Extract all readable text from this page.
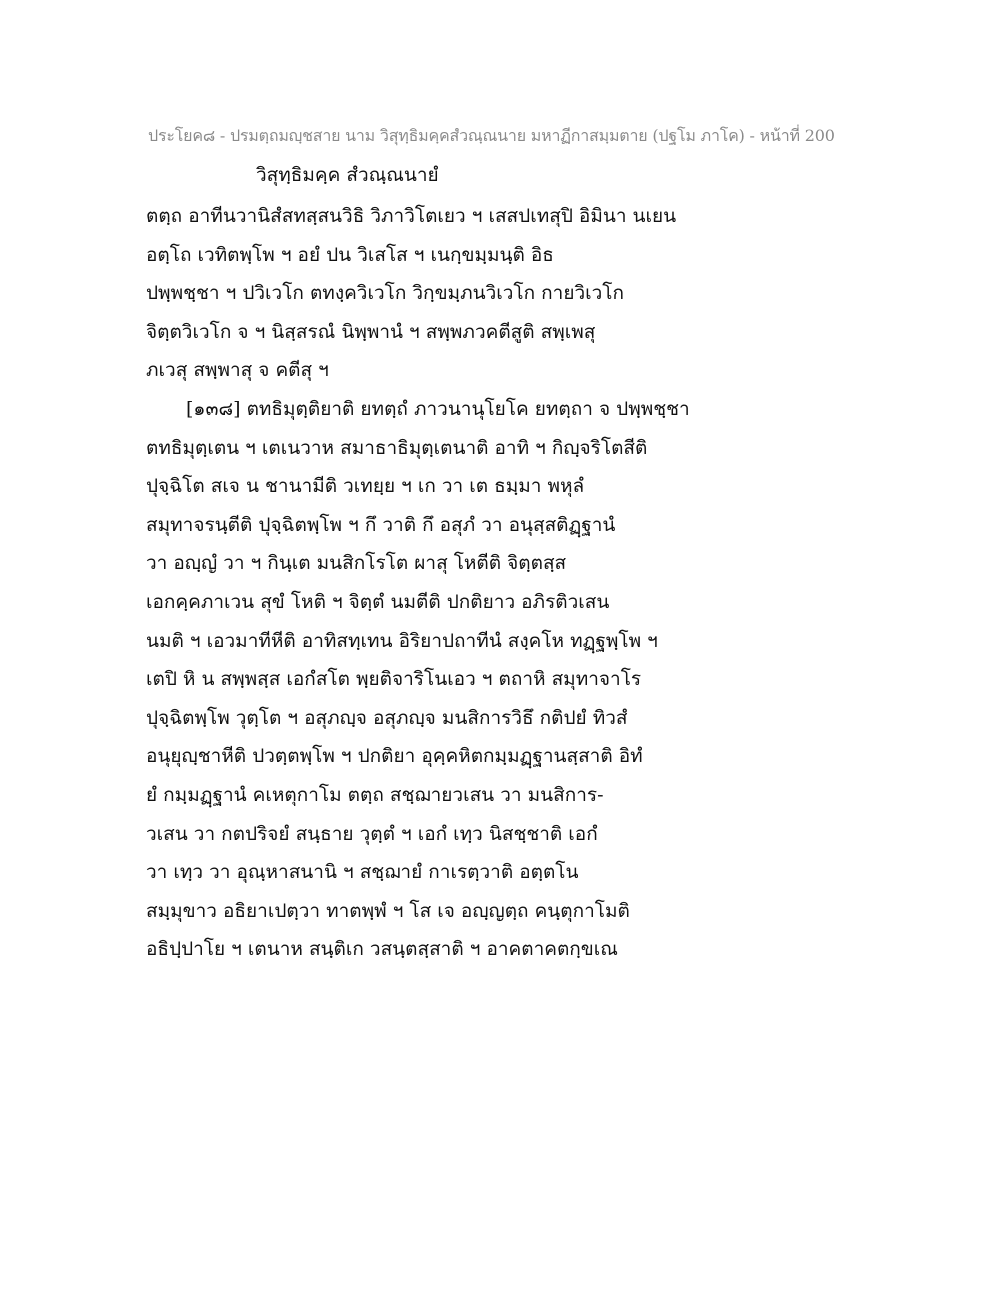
ประโยค๘ - ปรมตฺถมญฺชสาย นาม วิสุทฺธิมคฺคสํวณฺณนาย มหาฏีกาสมฺมตาย (ปฐโม ภาโค) - หน้าที่ 200
วิสุทฺธิมคฺค สํวณฺณนายํ
ตตฺถ อาทีนวานิสํสทสฺสนวิธิ วิภาวิโตเยว ฯ เสสปเทสุปิ อิมินา นเยน
อตฺโถ เวทิตพฺโพ ฯ อยํ ปน วิเสโส ฯ เนกฺขมฺมนฺติ อิธ
ปพฺพชฺชา ฯ ปวิเวโก ตทงฺควิเวโก วิกฺขมฺภนวิเวโก กายวิเวโก
จิตฺตวิเวโก จ ฯ นิสฺสรณํ นิพฺพานํ ฯ สพฺพภวคตีสูติ สพฺเพสุ
ภเวสุ สพฺพาสุ จ คตีสุ ฯ
[๑๓๘] ตทธิมุตฺติยาติ ยทตฺถํ ภาวนานุโยโค ยทตฺถา จ ปพฺพชฺชา
ตทธิมุตฺเตน ฯ เตเนวาห สมาธาธิมุตฺเตนาติ อาทิ ฯ กิญฺจริโตสีติ
ปุจฺฉิโต สเจ น ชานามีติ วเทยฺย ฯ เก วา เต ธมฺมา พหุลํ
สมุทาจรนฺตีติ ปุจฺฉิตพฺโพ ฯ กึ วาติ กึ อสุภํ วา อนุสฺสติฏฺฐานํ
วา อญฺญํ วา ฯ กินฺเต มนสิกโรโต ผาสุ โหตีติ จิตฺตสฺส
เอกคฺคภาเวน สุขํ โหติ ฯ จิตฺตํ นมตีติ ปกติยาว อภิรติวเสน
นมติ ฯ เอวมาทีหีติ อาทิสทฺเทน อิริยาปถาทีนํ สงฺคโห ทฏฺฐพฺโพ ฯ
เตปิ หิ น สพฺพสฺส เอกํสโต พฺยติจาริโนเอว ฯ ตถาหิ สมุทาจาโร
ปุจฺฉิตพฺโพ วุตฺโต ฯ อสุภญฺจ อสุภญฺจ มนสิการวิธึ กติปยํ ทิวสํ
อนุยุญฺชาหีติ ปวตฺตพฺโพ ฯ ปกติยา อุคฺคหิตกมฺมฏฺฐานสฺสาติ อิทํ
ยํ กมฺมฏฺฐานํ คเหตุกาโม ตตฺถ สชฺฌายวเสน วา มนสิการ-
วเสน วา กตปริจยํ สนฺธาย วุตฺตํ ฯ เอกํ เทฺว นิสชฺชาติ เอกํ
วา เทฺว วา อุณฺหาสนานิ ฯ สชฺฌายํ กาเรตฺวาติ อตฺตโน
สมฺมุขาว อธิยาเปตฺวา ทาตพฺพํ ฯ โส เจ อญฺญตฺถ คนฺตุกาโมติ
อธิปฺปาโย ฯ เตนาห สนฺติเก วสนฺตสฺสาติ ฯ อาคตาคตกฺขเณ
